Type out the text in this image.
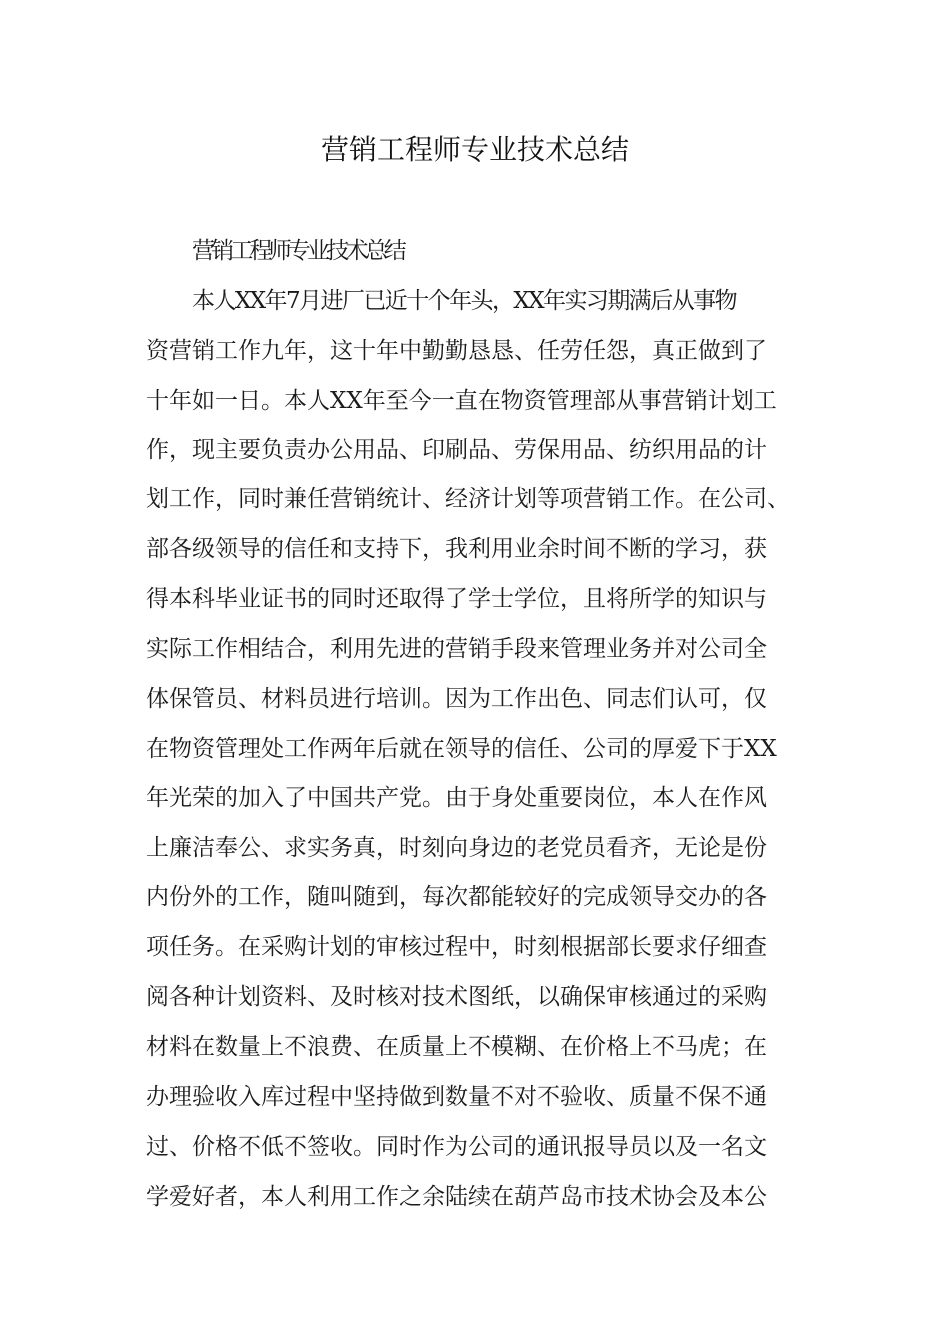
营销工程师专业技术总结
营销工程师专业技术总结
本人XX年7月进厂已近十个年头，XX年实习期满后从事物
资营销工作九年，这十年中勤勤恳恳、任劳任怨，真正做到了
十年如一日。本人XX年至今一直在物资管理部从事营销计划工
作，现主要负责办公用品、印刷品、劳保用品、纺织用品的计
划工作，同时兼任营销统计、经济计划等项营销工作。在公司、
部各级领导的信任和支持下，我利用业余时间不断的学习，获
得本科毕业证书的同时还取得了学士学位，且将所学的知识与
实际工作相结合，利用先进的营销手段来管理业务并对公司全
体保管员、材料员进行培训。因为工作出色、同志们认可，仅
在物资管理处工作两年后就在领导的信任、公司的厚爱下于XX
年光荣的加入了中国共产党。由于身处重要岗位，本人在作风
上廉洁奉公、求实务真，时刻向身边的老党员看齐，无论是份
内份外的工作，随叫随到，每次都能较好的完成领导交办的各
项任务。在采购计划的审核过程中，时刻根据部长要求仔细查
阅各种计划资料、及时核对技术图纸，以确保审核通过的采购
材料在数量上不浪费、在质量上不模糊、在价格上不马虎；在
办理验收入库过程中坚持做到数量不对不验收、质量不保不通
过、价格不低不签收。同时作为公司的通讯报导员以及一名文
学爱好者，本人利用工作之余陆续在葫芦岛市技术协会及本公
